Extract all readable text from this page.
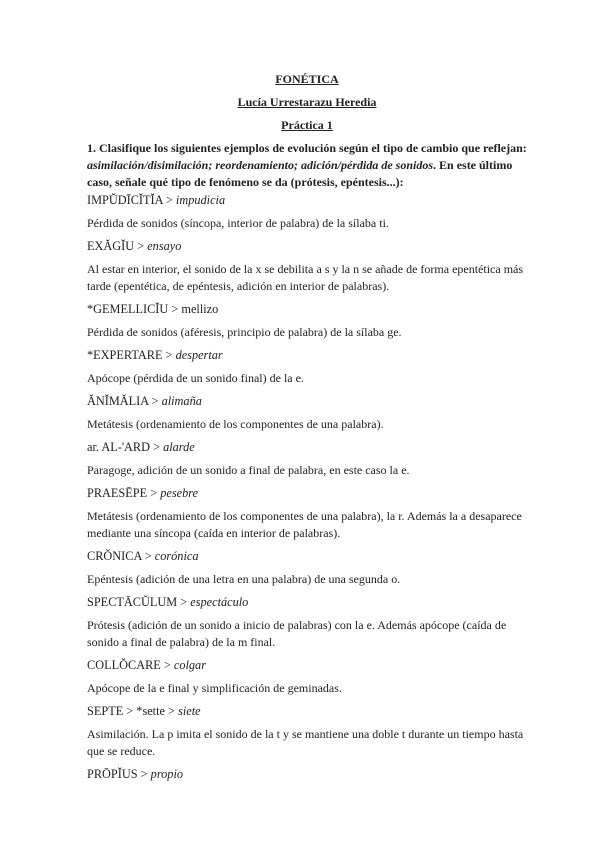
FONÉTICA
Lucía Urrestarazu Heredia
Práctica 1

1. Clasifique los siguientes ejemplos de evolución según el tipo de cambio que reflejan: asimilación/disimilación; reordenamiento; adición/pérdida de sonidos. En este último caso, señale qué tipo de fenómeno se da (prótesis, epéntesis...):

IMPŬDĪCĬTĬA > impudicia

Pérdida de sonidos (síncopa, interior de palabra) de la sílaba ti.

EXĂGĬU > ensayo

Al estar en interior, el sonido de la x se debilita a s y la n se añade de forma epentética más tarde (epentética, de epéntesis, adición en interior de palabras).

*GEMELLICĬU > mellizo

Pérdida de sonidos (aféresis, principio de palabra) de la sílaba ge.

*EXPERTARE > despertar

Apócope (pérdida de un sonido final) de la e.

ĂNĬMĂLIA > alimaña

Metátesis (ordenamiento de los componentes de una palabra).

ar. AL-'ARD > alarde

Paragoge, adición de un sonido a final de palabra, en este caso la e.

PRAESĒPE > pesebre

Metátesis (ordenamiento de los componentes de una palabra), la r. Además la a desaparece mediante una síncopa (caída en interior de palabras).

CRŎNICA > corónica

Epéntesis (adición de una letra en una palabra) de una segunda o.

SPECTĀCŬLUM > espectáculo

Prótesis (adición de un sonido a inicio de palabras) con la e. Además apócope (caída de sonido a final de palabra) de la m final.

COLLŎCARE > colgar

Apócope de la e final y simplificación de geminadas.

SEPTE > *sette > siete

Asimilación. La p imita el sonido de la t y se mantiene una doble t durante un tiempo hasta que se reduce.

PRŌPĬUS > propio
